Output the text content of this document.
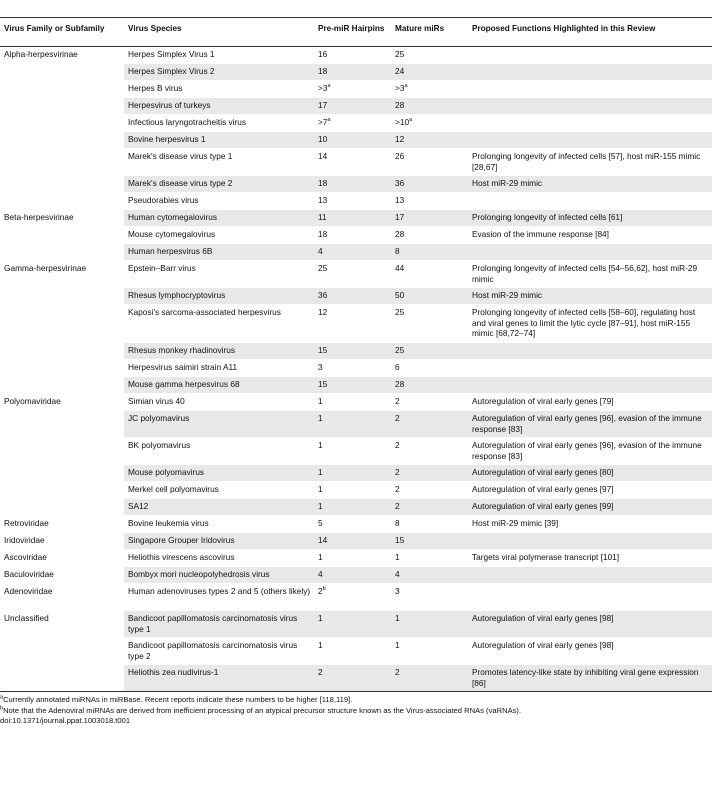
Virus Family or Subfamily	Virus Species	Pre-miR Hairpins	Mature miRs	Proposed Functions Highlighted in this Review
Alpha-herpesvirinae	Herpes Simplex Virus 1	16	25	
	Herpes Simplex Virus 2	18	24	
	Herpes B virus	$>3^a$	$>3^a$	
	Herpesvirus of turkeys	17	28	
	Infectious laryngotracheitis virus	$>7^a$	$>10^a$	
	Bovine herpesvirus 1	10	12	
	Marek's disease virus type 1	14	26	Prolonging longevity of infected cells [57], host miR-155 mimic [28,67]
	Marek's disease virus type 2	18	36	Host miR-29 mimic
	Pseudorabies virus	13	13	
Beta-herpesvirinae	Human cytomegalovirus	11	17	Prolonging longevity of infected cells [61]
	Mouse cytomegalovirus	18	28	Evasion of the immune response [84]
	Human herpesvirus 6B	4	8	
Gamma-herpesvirinae	Epstein–Barr virus	25	44	Prolonging longevity of infected cells [54–56,62], host miR-29 mimic
	Rhesus lymphocryptovirus	36	50	Host miR-29 mimic
	Kaposi's sarcoma-associated herpesvirus	12	25	Prolonging longevity of infected cells [58–60], regulating host and viral genes to limit the lytic cycle [87–91], host miR-155 mimic [68,72–74]
	Rhesus monkey rhadinovirus	15	25	
	Herpesvirus saimiri strain A11	3	6	
	Mouse gamma herpesvirus 68	15	28	
Polyomaviridae	Simian virus 40	1	2	Autoregulation of viral early genes [79]
	JC polyomavirus	1	2	Autoregulation of viral early genes [96], evasion of the immune response [83]
	BK polyomavirus	1	2	Autoregulation of viral early genes [96], evasion of the immune response [83]
	Mouse polyomavirus	1	2	Autoregulation of viral early genes [80]
	Merkel cell polyomavirus	1	2	Autoregulation of viral early genes [97]
	SA12	1	2	Autoregulation of viral early genes [99]
Retroviridae	Bovine leukemia virus	5	8	Host miR-29 mimic [39]
Iridoviridae	Singapore Grouper Iridovirus	14	15	
Ascoviridae	Heliothis virescens ascovirus	1	1	Targets viral polymerase transcript [101]
Baculoviridae	Bombyx mori nucleopolyhedrosis virus	4	4	
Adenoviridae	Human adenoviruses types 2 and 5 (others likely)	2$^b$	3	
Unclassified	Bandicoot papillomatosis carcinomatosis virus type 1	1	1	Autoregulation of viral early genes [98]
	Bandicoot papillomatosis carcinomatosis virus type 2	1	1	Autoregulation of viral early genes [98]
	Heliothis zea nudivirus-1	2	2	Promotes latency-like state by inhibiting viral gene expression [86]

$^a$Currently annotated miRNAs in miRBase. Recent reports indicate these numbers to be higher [118,119].

$^b$Note that the Adenoviral miRNAs are derived from inefficient processing of an atypical precursor structure known as the Virus-associated RNAs (vaRNAs).

doi:10.1371/journal.ppat.1003018.t001
